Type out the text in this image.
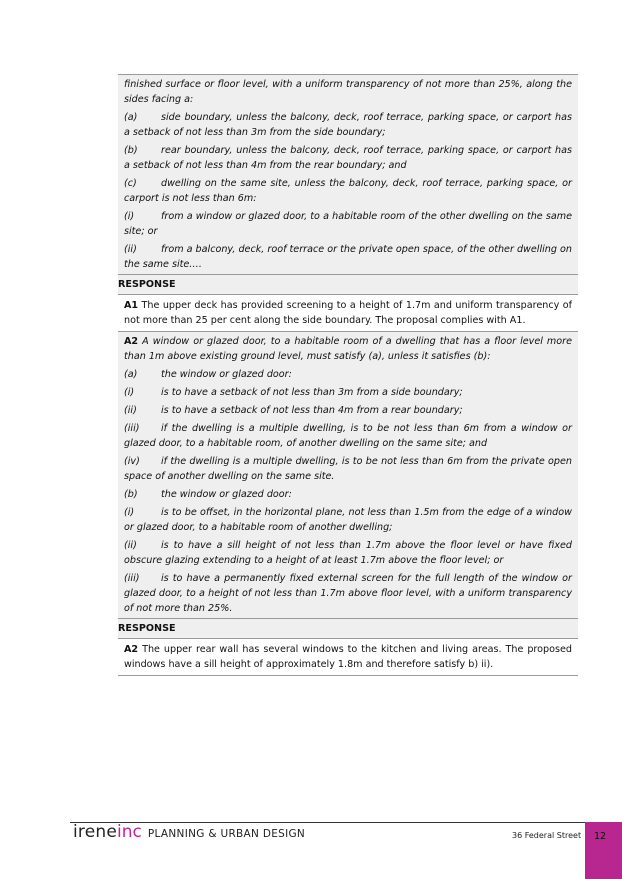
finished surface or floor level, with a uniform transparency of not more than 25%, along the sides facing a:

(a) side boundary, unless the balcony, deck, roof terrace, parking space, or carport has a setback of not less than 3m from the side boundary;

(b) rear boundary, unless the balcony, deck, roof terrace, parking space, or carport has a setback of not less than 4m from the rear boundary; and

(c)	dwelling on the same site, unless the balcony, deck, roof terrace, parking space, or carport is not less than 6m:

(i)	from a window or glazed door, to a habitable room of the other dwelling on the same site; or

(ii)	from a balcony, deck, roof terrace or the private open space, of the other dwelling on the same site.…

RESPONSE

A1 The upper deck has provided screening to a height of 1.7m and uniform transparency of not more than 25 per cent along the side boundary. The proposal complies with A1.

A2 A window or glazed door, to a habitable room of a dwelling that has a floor level more than 1m above existing ground level, must satisfy (a), unless it satisfies (b):

(a) the window or glazed door:

(i)	is to have a setback of not less than 3m from a side boundary;

(ii)	is to have a setback of not less than 4m from a rear boundary;

(iii) if the dwelling is a multiple dwelling, is to be not less than 6m from a window or glazed door, to a habitable room, of another dwelling on the same site; and

(iv) if the dwelling is a multiple dwelling, is to be not less than 6m from the private open space of another dwelling on the same site.

(b) the window or glazed door:

(i)	is to be offset, in the horizontal plane, not less than 1.5m from the edge of a window or glazed door, to a habitable room of another dwelling;

(ii)	is to have a sill height of not less than 1.7m above the floor level or have fixed obscure glazing extending to a height of at least 1.7m above the floor level; or

(iii) is to have a permanently fixed external screen for the full length of the window or glazed door, to a height of not less than 1.7m above floor level, with a uniform transparency of not more than 25%.

RESPONSE

A2 The upper rear wall has several windows to the kitchen and living areas. The proposed windows have a sill height of approximately 1.8m and therefore satisfy b) ii).

ireneinc PLANNING & URBAN DESIGN	36 Federal Street	12
